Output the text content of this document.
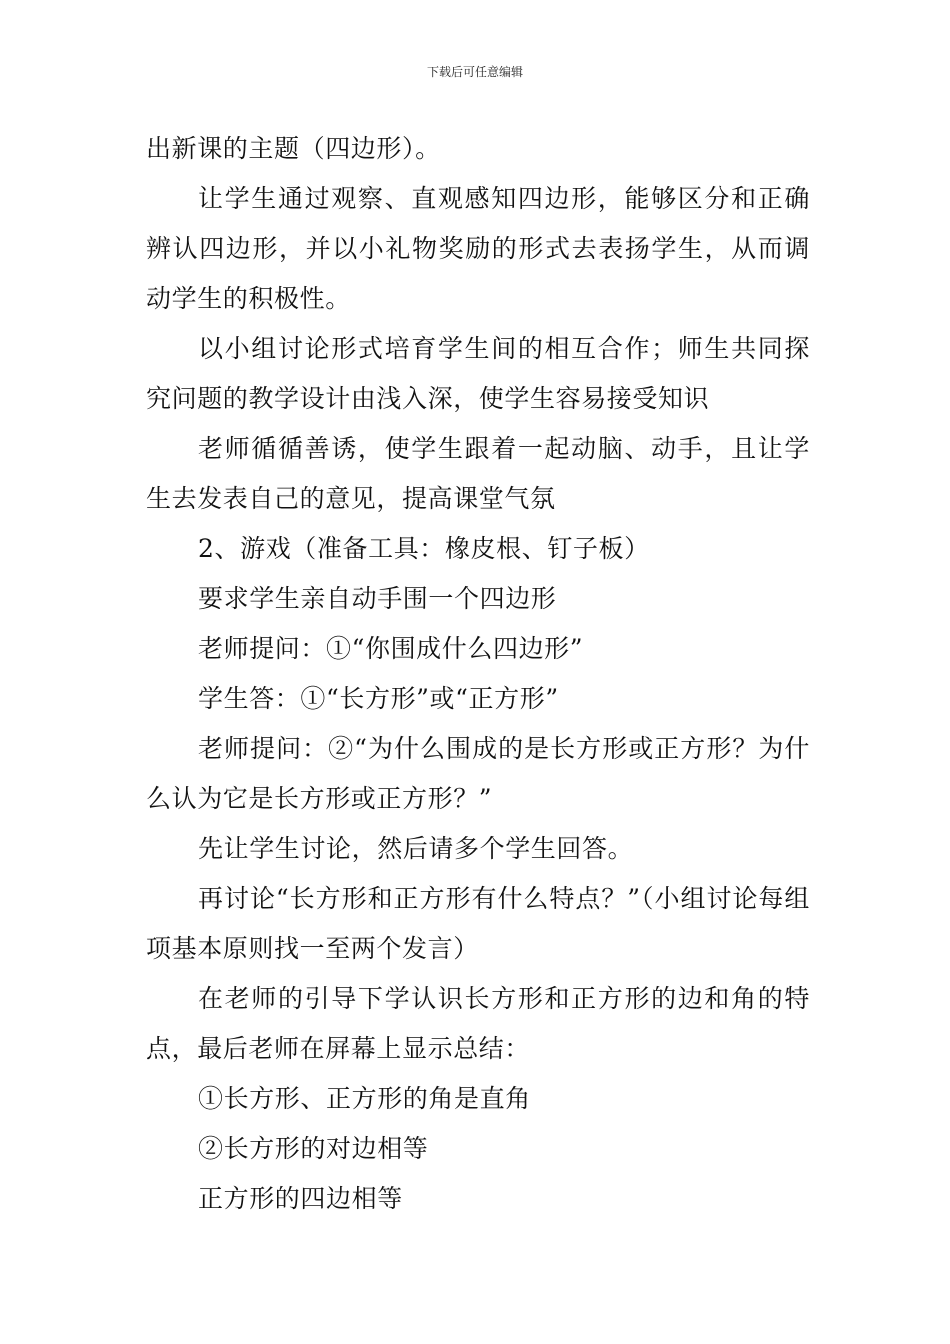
下载后可任意编辑

出新课的主题（四边形）。

让学生通过观察、直观感知四边形，能够区分和正确辨认四边形，并以小礼物奖励的形式去表扬学生，从而调动学生的积极性。

以小组讨论形式培育学生间的相互合作；师生共同探究问题的教学设计由浅入深，使学生容易接受知识

老师循循善诱，使学生跟着一起动脑、动手，且让学生去发表自己的意见，提高课堂气氛

2、游戏（准备工具：橡皮根、钉子板）

要求学生亲自动手围一个四边形

老师提问：①“你围成什么四边形”

学生答：①“长方形”或“正方形”

老师提问：②“为什么围成的是长方形或正方形？为什么认为它是长方形或正方形？”

先让学生讨论，然后请多个学生回答。

再讨论“长方形和正方形有什么特点？”（小组讨论每组项基本原则找一至两个发言）

在老师的引导下学认识长方形和正方形的边和角的特点，最后老师在屏幕上显示总结：

①长方形、正方形的角是直角

②长方形的对边相等

正方形的四边相等
